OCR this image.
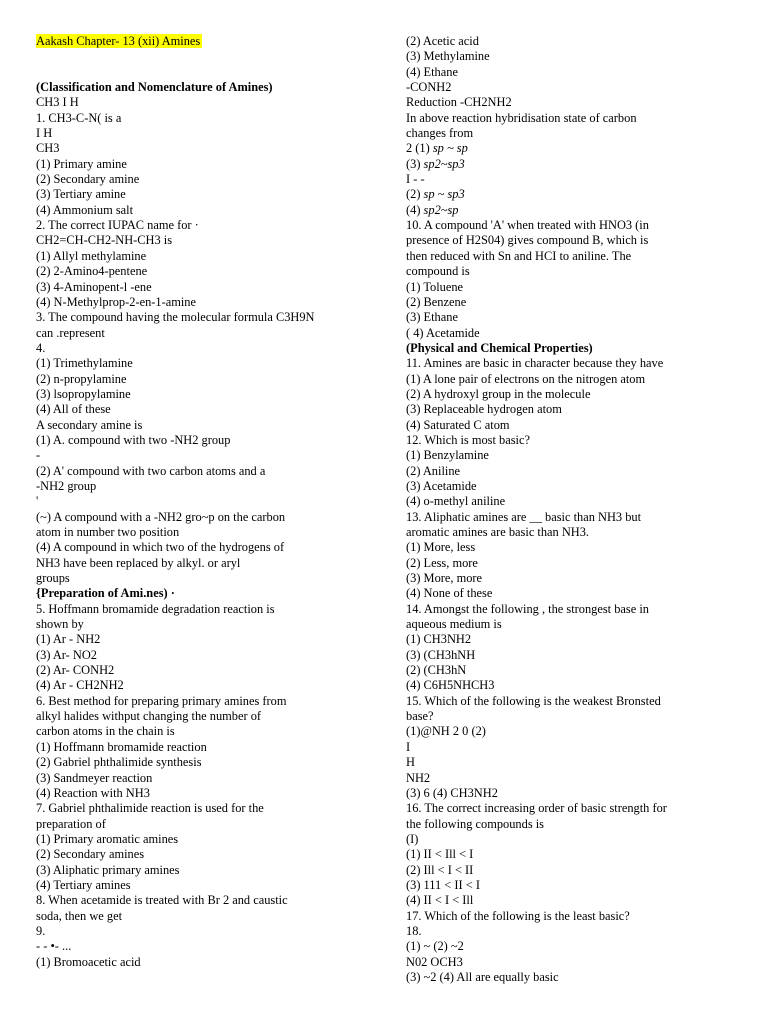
Aakash Chapter- 13 (xii) Amines
(Classification and Nomenclature of Amines)
CH3 I H
1. CH3-C-N( is a
I H
CH3
(1) Primary amine
(2) Secondary amine
(3) Tertiary amine
(4) Ammonium salt
2. The correct IUPAC name for ·
CH2=CH-CH2-NH-CH3 is
(1) Allyl methylamine
(2) 2-Amino4-pentene
(3) 4-Aminopent-l -ene
(4) N-Methylprop-2-en-1-amine
3. The compound having the molecular formula C3H9N
can .represent
4.
(1) Trimethylamine
(2) n-propylamine
(3) lsopropylamine
(4) All of these
A secondary amine is
(1) A. compound with two -NH2 group
-
(2) A' compound with two carbon atoms and a
-NH2 group
'
(~) A compound with a -NH2 gro~p on the carbon
atom in number two position
(4) A compound in which two of the hydrogens of
NH3 have been replaced by alkyl. or aryl
groups
{Preparation of Ami.nes) ·
5. Hoffmann bromamide degradation reaction is
shown by
(1) Ar - NH2
(3) Ar- NO2
(2) Ar- CONH2
(4) Ar - CH2NH2
6. Best method for preparing primary amines from
alkyl halides withput changing the number of
carbon atoms in the chain is
(1) Hoffmann bromamide reaction
(2) Gabriel phthalimide synthesis
(3) Sandmeyer reaction
(4) Reaction with NH3
7. Gabriel phthalimide reaction is used for the
preparation of
(1) Primary aromatic amines
(2) Secondary amines
(3) Aliphatic primary amines
(4) Tertiary amines
8. When acetamide is treated with Br 2 and caustic
soda, then we get
9.
- - •- ...
(1) Bromoacetic acid
(2) Acetic acid
(3) Methylamine
(4) Ethane
-CONH2
Reduction -CH2NH2
In above reaction hybridisation state of carbon
changes from
2 (1) sp ~ sp
(3) sp2~sp3
I - -
(2) sp ~ sp3
(4) sp2~sp
10. A compound 'A' when treated with HNO3 (in
presence of H2S04) gives compound B, which is
then reduced with Sn and HCI to aniline. The
compound is
(1) Toluene
(2) Benzene
(3) Ethane
( 4) Acetamide
(Physical and Chemical Properties)
11. Amines are basic in character because they have
(1) A lone pair of electrons on the nitrogen atom
(2) A hydroxyl group in the molecule
(3) Replaceable hydrogen atom
(4) Saturated C atom
12. Which is most basic?
(1) Benzylamine
(2) Aniline
(3) Acetamide
(4) o-methyl aniline
13. Aliphatic amines are __ basic than NH3 but
aromatic amines are basic than NH3.
(1) More, less
(2) Less, more
(3) More, more
(4) None of these
14. Amongst the following , the strongest base in
aqueous medium is
(1) CH3NH2
(3) (CH3hNH
(2) (CH3hN
(4) C6H5NHCH3
15. Which of the following is the weakest Bronsted
base?
(1)@NH 2 0 (2)
I
H
NH2
(3) 6 (4) CH3NH2
16. The correct increasing order of basic strength for
the following compounds is
(I)
(1) II < Ill < I
(2) Ill < I < II
(3) 111 < II < I
(4) II < I < Ill
17. Which of the following is the least basic?
18.
(1) ~ (2) ~2
N02 OCH3
(3) ~2 (4) All are equally basic
